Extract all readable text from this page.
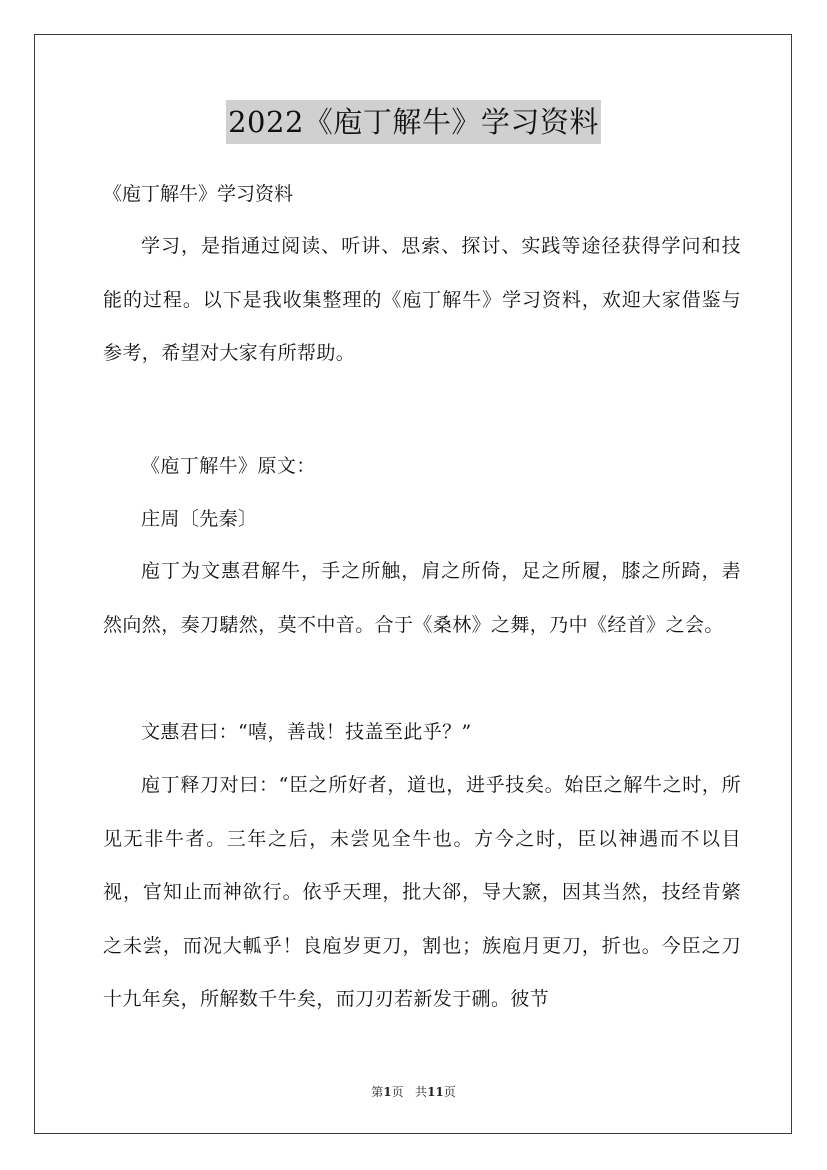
2022《庖丁解牛》学习资料
《庖丁解牛》学习资料

学习，是指通过阅读、听讲、思索、探讨、实践等途径获得学问和技能的过程。以下是我收集整理的《庖丁解牛》学习资料，欢迎大家借鉴与参考，希望对大家有所帮助。

《庖丁解牛》原文：

庄周〔先秦〕

庖丁为文惠君解牛，手之所触，肩之所倚，足之所履，膝之所踦，砉然向然，奏刀騞然，莫不中音。合于《桑林》之舞，乃中《经首》之会。

文惠君曰：“嘻，善哉！技盖至此乎？”

庖丁释刀对曰：“臣之所好者，道也，进乎技矣。始臣之解牛之时，所见无非牛者。三年之后，未尝见全牛也。方今之时，臣以神遇而不以目视，官知止而神欲行。依乎天理，批大郤，导大窾，因其当然，技经肯綮之未尝，而况大軱乎！良庖岁更刀，割也；族庖月更刀，折也。今臣之刀十九年矣，所解数千牛矣，而刀刃若新发于硎。彼节

第1页 共11页
